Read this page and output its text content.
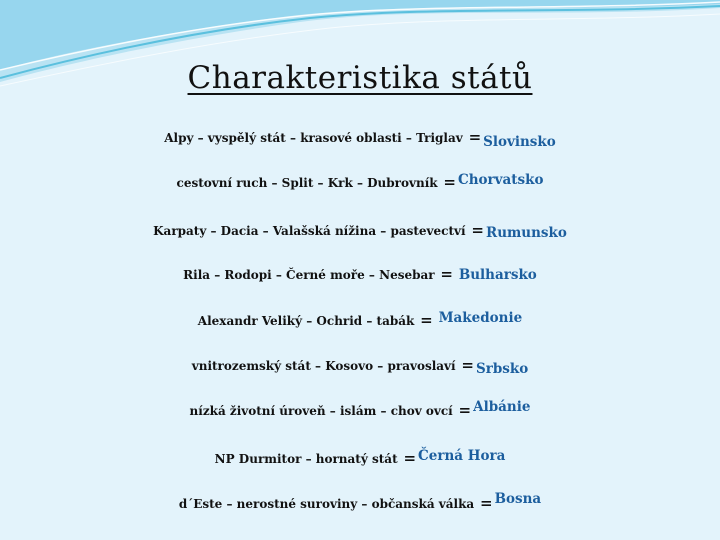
Charakteristika států
Alpy – vyspělý stát – krasové oblasti – Triglav = Slovinsko
cestovní ruch – Split – Krk – Dubrovník = Chorvatsko
Karpaty – Dacia – Valašská nížina – pastevectví = Rumunsko
Rila – Rodopi – Černé moře – Nesebar = Bulharsko
Alexandr Veliký – Ochrid – tabák = Makedonie
vnitrozemský stát – Kosovo – pravoslaví = Srbsko
nízká životní úroveň – islám – chov ovcí = Albánie
NP Durmitor – hornatý stát = Černá Hora
d´Este – nerostné suroviny – občanská válka = Bosna
